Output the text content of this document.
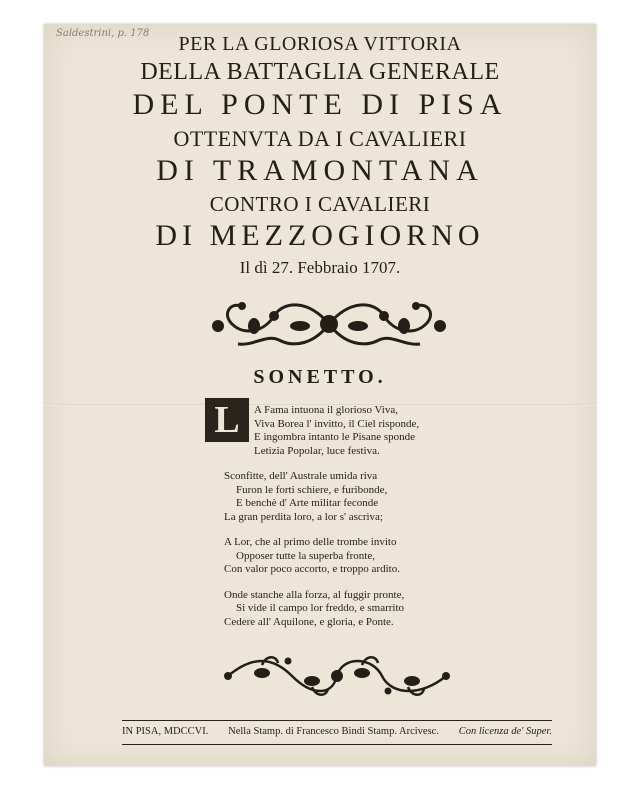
Saldestrini, p. 178	PER LA GLORIOSA VITTORIA
DELLA BATTAGLIA GENERALE
DEL PONTE DI PISA
OTTENVTA DA I CAVALIERI
DI TRAMONTANA
CONTRO I CAVALIERI
DI MEZZOGIORNO
Il dì 27. Febbraio 1707.
SONETTO.
L	A Fama intuona il glorioso Viva,
Viva Borea l' invitto, il Ciel risponde,
E ingombra intanto le Pisane sponde
Letizia Popolar, luce festiva.
Sconfitte, dell' Australe umida riva
Furon le forti schiere, e furibonde,
E benchè d' Arte militar feconde
La gran perdita loro, a lor s' ascriva;
A Lor, che al primo delle trombe invito
Opposer tutte la superba fronte,
Con valor poco accorto, e troppo ardito.
Onde stanche alla forza, al fuggir pronte,
Si vide il campo lor freddo, e smarrito
Cedere all' Aquilone, e gloria, e Ponte.
IN PISA, MDCCVI. Nella Stamp. di Francesco Bindi Stamp. Arcivesc. Con licenza de' Super.
